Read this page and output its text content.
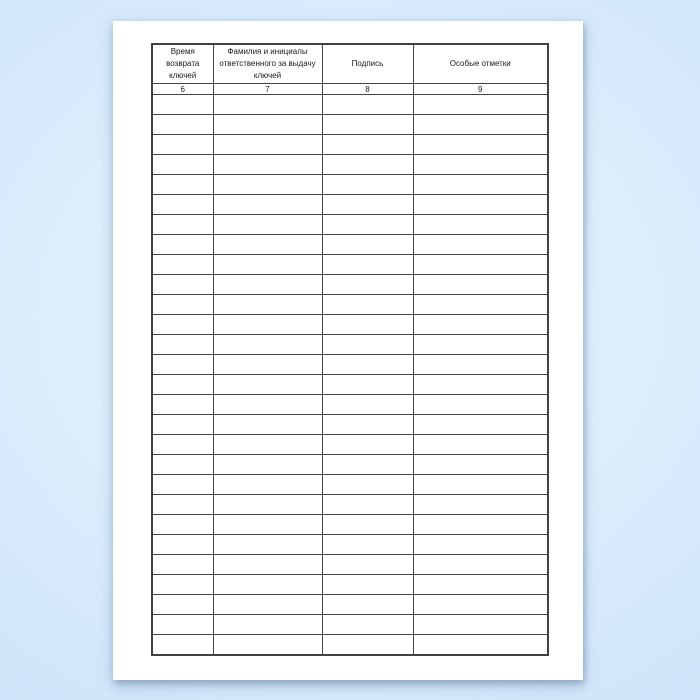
Время возврата ключей	Фамилия и инициалы ответственного за выдачу ключей	Подпись	Особые отметки
6	7	8	9
